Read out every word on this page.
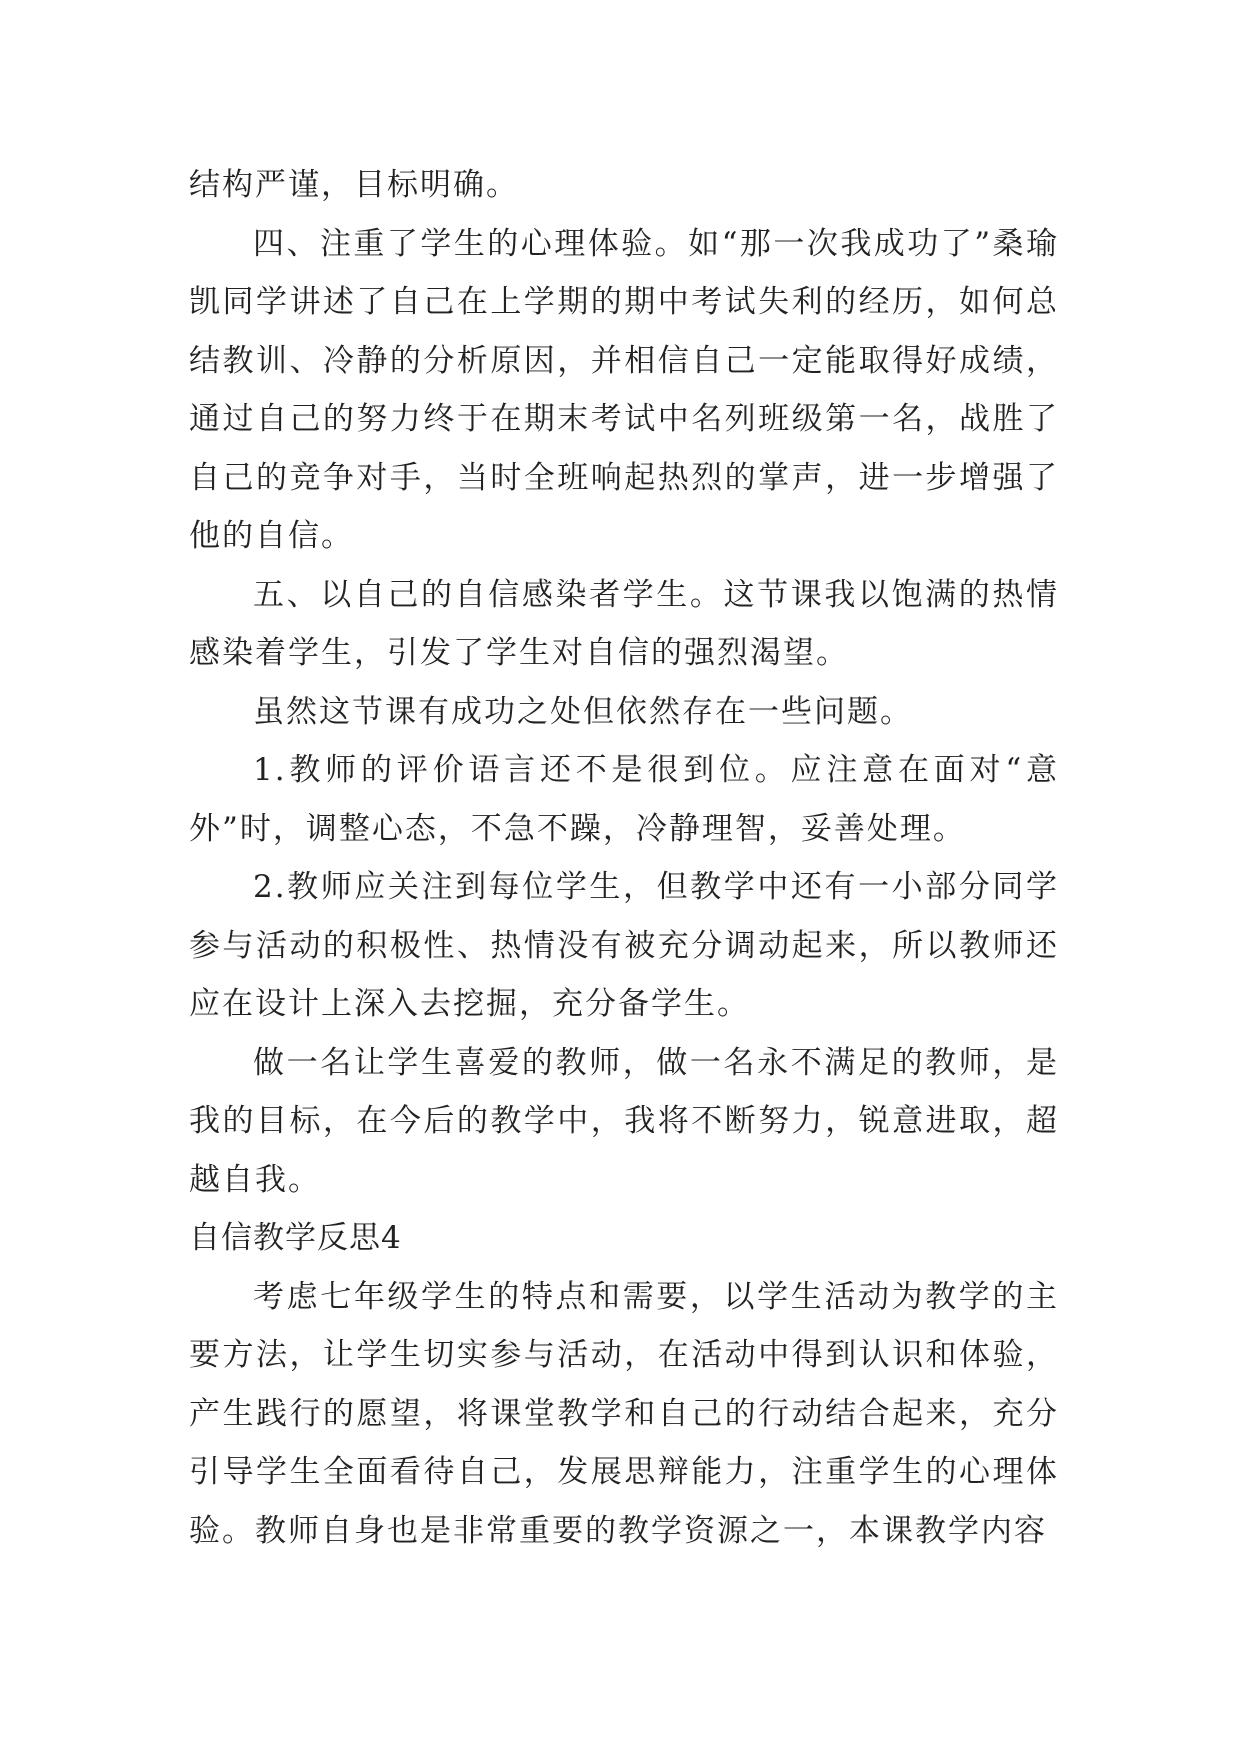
结构严谨，目标明确。

四、注重了学生的心理体验。如“那一次我成功了”桑瑜凯同学讲述了自己在上学期的期中考试失利的经历，如何总结教训、冷静的分析原因，并相信自己一定能取得好成绩，通过自己的努力终于在期末考试中名列班级第一名，战胜了自己的竞争对手，当时全班响起热烈的掌声，进一步增强了他的自信。

五、以自己的自信感染者学生。这节课我以饱满的热情感染着学生，引发了学生对自信的强烈渴望。

虽然这节课有成功之处但依然存在一些问题。

1.教师的评价语言还不是很到位。应注意在面对“意外”时，调整心态，不急不躁，冷静理智，妥善处理。

2.教师应关注到每位学生，但教学中还有一小部分同学参与活动的积极性、热情没有被充分调动起来，所以教师还应在设计上深入去挖掘，充分备学生。

做一名让学生喜爱的教师，做一名永不满足的教师，是我的目标，在今后的教学中，我将不断努力，锐意进取，超越自我。

自信教学反思4

考虑七年级学生的特点和需要，以学生活动为教学的主要方法，让学生切实参与活动，在活动中得到认识和体验，产生践行的愿望，将课堂教学和自己的行动结合起来，充分引导学生全面看待自己，发展思辩能力，注重学生的心理体验。教师自身也是非常重要的教学资源之一，本课教学内容
